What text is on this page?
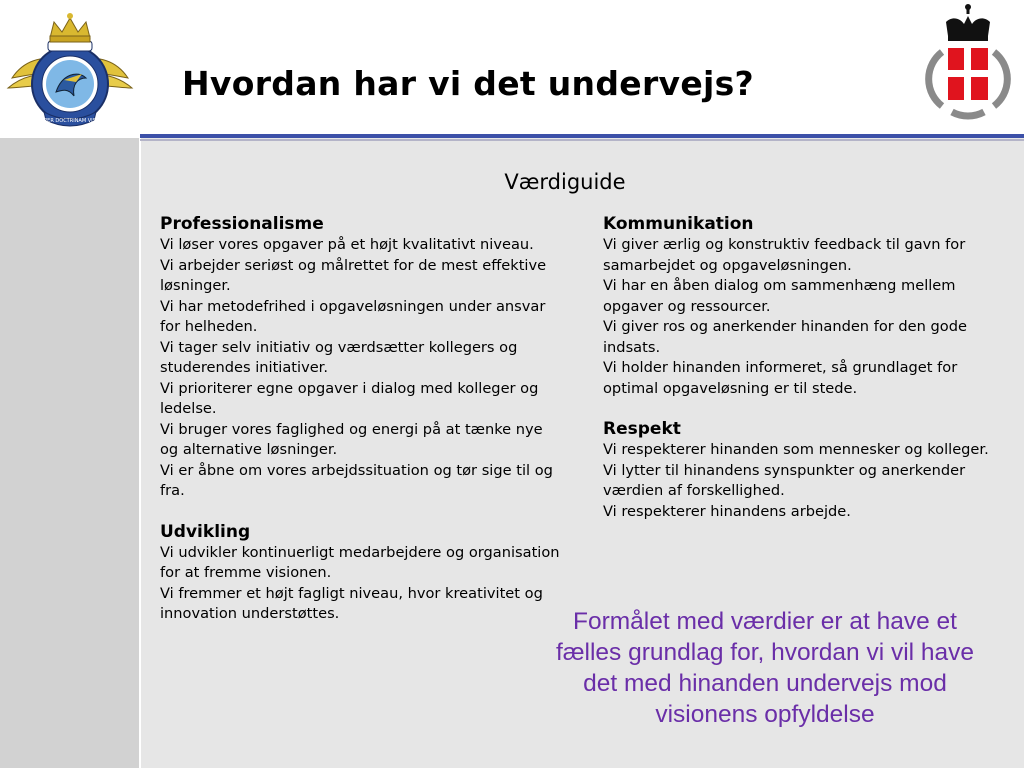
PER DOCTRINAM VIS
Hvordan har vi det undervejs?

Værdiguide

Professionalisme

Vi løser vores opgaver på et højt kvalitativt niveau.
Vi arbejder seriøst og målrettet for de mest effektive løsninger.
Vi har metodefrihed i opgaveløsningen under ansvar for helheden.
Vi tager selv initiativ og værdsætter kollegers og studerendes initiativer.
Vi prioriterer egne opgaver i dialog med kolleger og ledelse.
Vi bruger vores faglighed og energi på at tænke nye og alternative løsninger.
Vi er åbne om vores arbejdssituation og tør sige til og fra.

Udvikling

Vi udvikler kontinuerligt medarbejdere og organisation for at fremme visionen.
Vi fremmer et højt fagligt niveau, hvor kreativitet og innovation understøttes.

Kommunikation

Vi giver ærlig og konstruktiv feedback til gavn for samarbejdet og opgaveløsningen.
Vi har en åben dialog om sammenhæng mellem opgaver og ressourcer.
Vi giver ros og anerkender hinanden for den gode indsats.
Vi holder hinanden informeret, så grundlaget for optimal opgaveløsning er til stede.

Respekt

Vi respekterer hinanden som mennesker og kolleger.
Vi lytter til hinandens synspunkter og anerkender værdien af forskellighed.
Vi respekterer hinandens arbejde.

Formålet med værdier er at have et fælles grundlag for, hvordan vi vil have det med hinanden undervejs mod visionens opfyldelse
